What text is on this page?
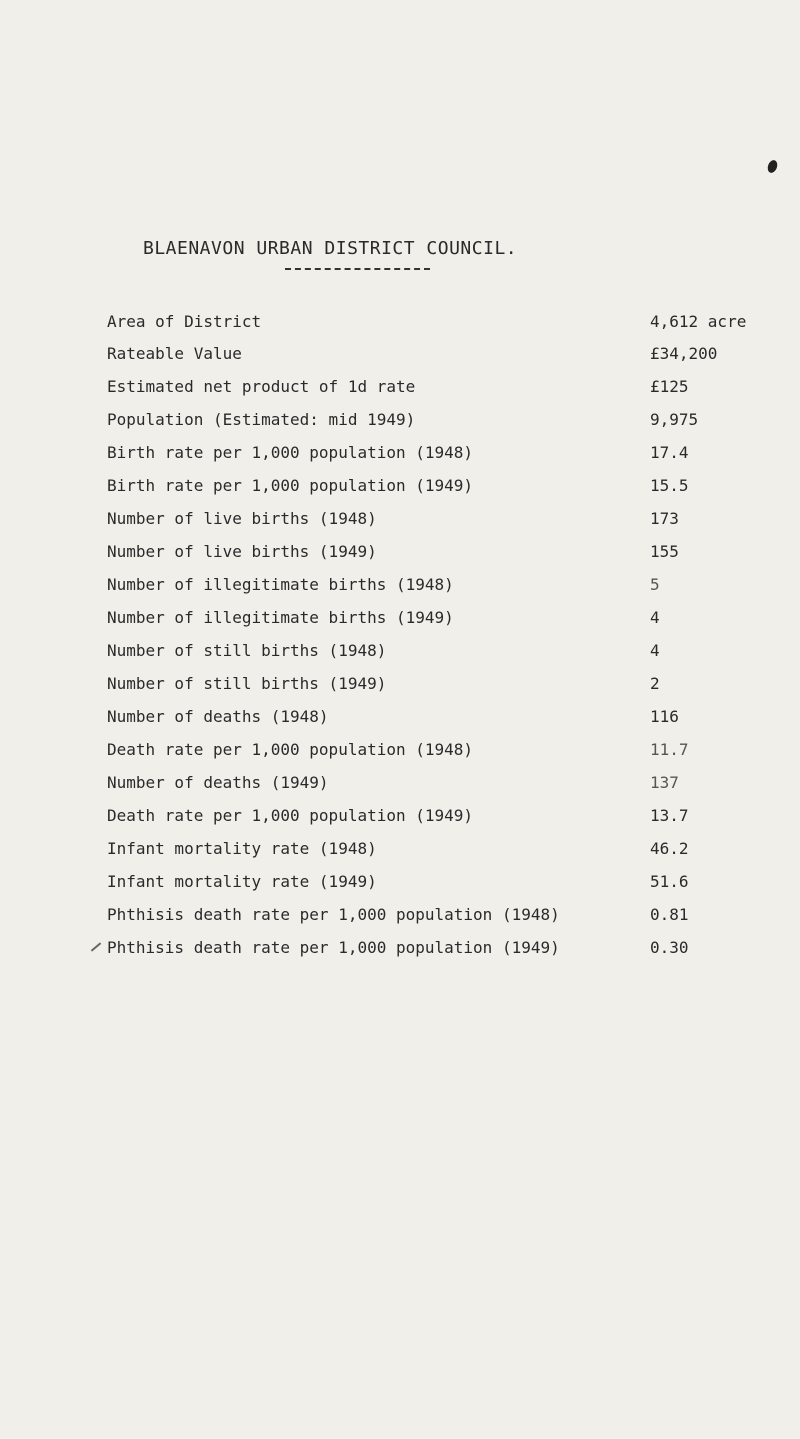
BLAENAVON URBAN DISTRICT COUNCIL.
Area of District	4,612 acre
Rateable Value	£34,200
Estimated net product of 1d rate	£125
Population (Estimated: mid 1949)	9,975
Birth rate per 1,000 population (1948)	17.4
Birth rate per 1,000 population (1949)	15.5
Number of live births (1948)	173
Number of live births (1949)	155
Number of illegitimate births (1948)	5
Number of illegitimate births (1949)	4
Number of still births (1948)	4
Number of still births (1949)	2
Number of deaths (1948)	116
Death rate per 1,000 population (1948)	11.7
Number of deaths (1949)	137
Death rate per 1,000 population (1949)	13.7
Infant mortality rate (1948)	46.2
Infant mortality rate (1949)	51.6
Phthisis death rate per 1,000 population (1948)	0.81
Phthisis death rate per 1,000 population (1949)	0.30
